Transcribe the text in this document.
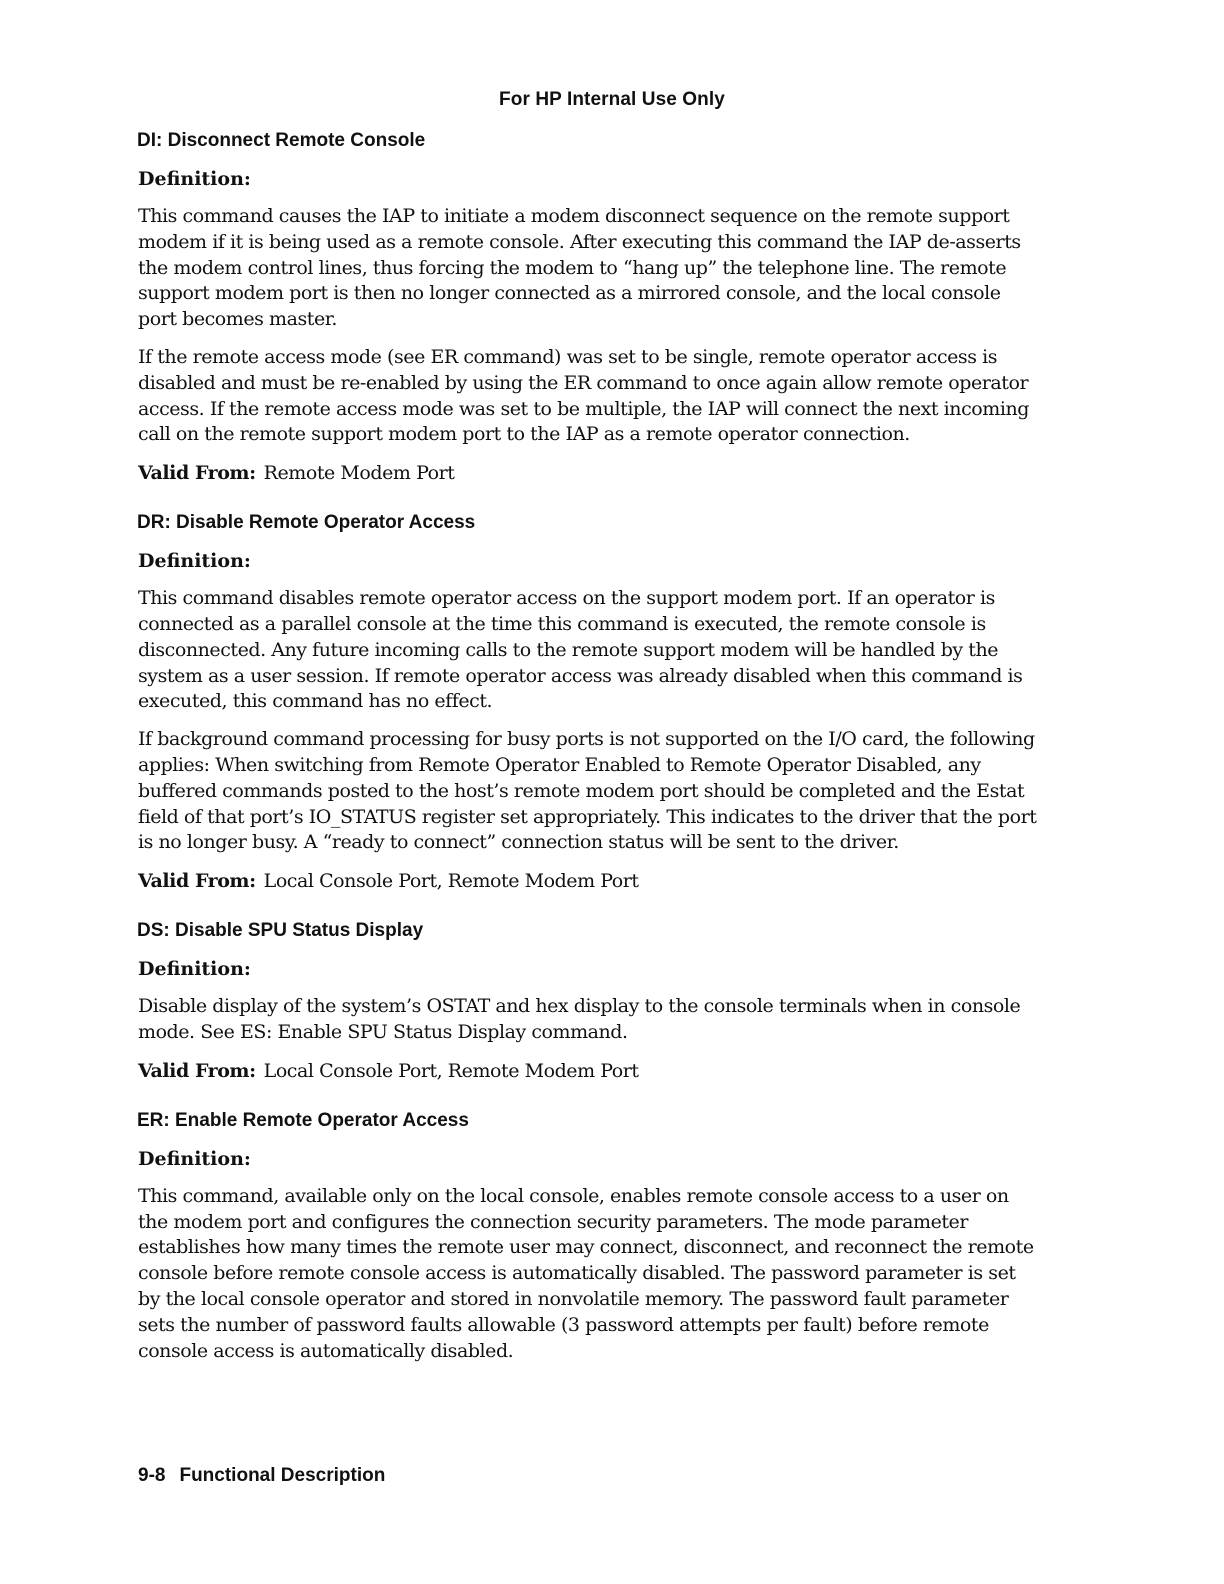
For HP Internal Use Only
DI: Disconnect Remote Console
Definition:

This command causes the IAP to initiate a modem disconnect sequence on the remote support modem if it is being used as a remote console. After executing this command the IAP de-asserts the modem control lines, thus forcing the modem to “hang up” the telephone line. The remote support modem port is then no longer connected as a mirrored console, and the local console port becomes master.

If the remote access mode (see ER command) was set to be single, remote operator access is disabled and must be re-enabled by using the ER command to once again allow remote operator access. If the remote access mode was set to be multiple, the IAP will connect the next incoming call on the remote support modem port to the IAP as a remote operator connection.

Valid From: Remote Modem Port
DR: Disable Remote Operator Access
Definition:

This command disables remote operator access on the support modem port. If an operator is connected as a parallel console at the time this command is executed, the remote console is disconnected. Any future incoming calls to the remote support modem will be handled by the system as a user session. If remote operator access was already disabled when this command is executed, this command has no effect.

If background command processing for busy ports is not supported on the I/O card, the following applies: When switching from Remote Operator Enabled to Remote Operator Disabled, any buffered commands posted to the host’s remote modem port should be completed and the Estat field of that port’s IO_STATUS register set appropriately. This indicates to the driver that the port is no longer busy. A “ready to connect” connection status will be sent to the driver.

Valid From: Local Console Port, Remote Modem Port
DS: Disable SPU Status Display
Definition:

Disable display of the system’s OSTAT and hex display to the console terminals when in console mode. See ES: Enable SPU Status Display command.

Valid From: Local Console Port, Remote Modem Port
ER: Enable Remote Operator Access
Definition:

This command, available only on the local console, enables remote console access to a user on the modem port and configures the connection security parameters. The mode parameter establishes how many times the remote user may connect, disconnect, and reconnect the remote console before remote console access is automatically disabled. The password parameter is set by the local console operator and stored in nonvolatile memory. The password fault parameter sets the number of password faults allowable (3 password attempts per fault) before remote console access is automatically disabled.

9-8 Functional Description
